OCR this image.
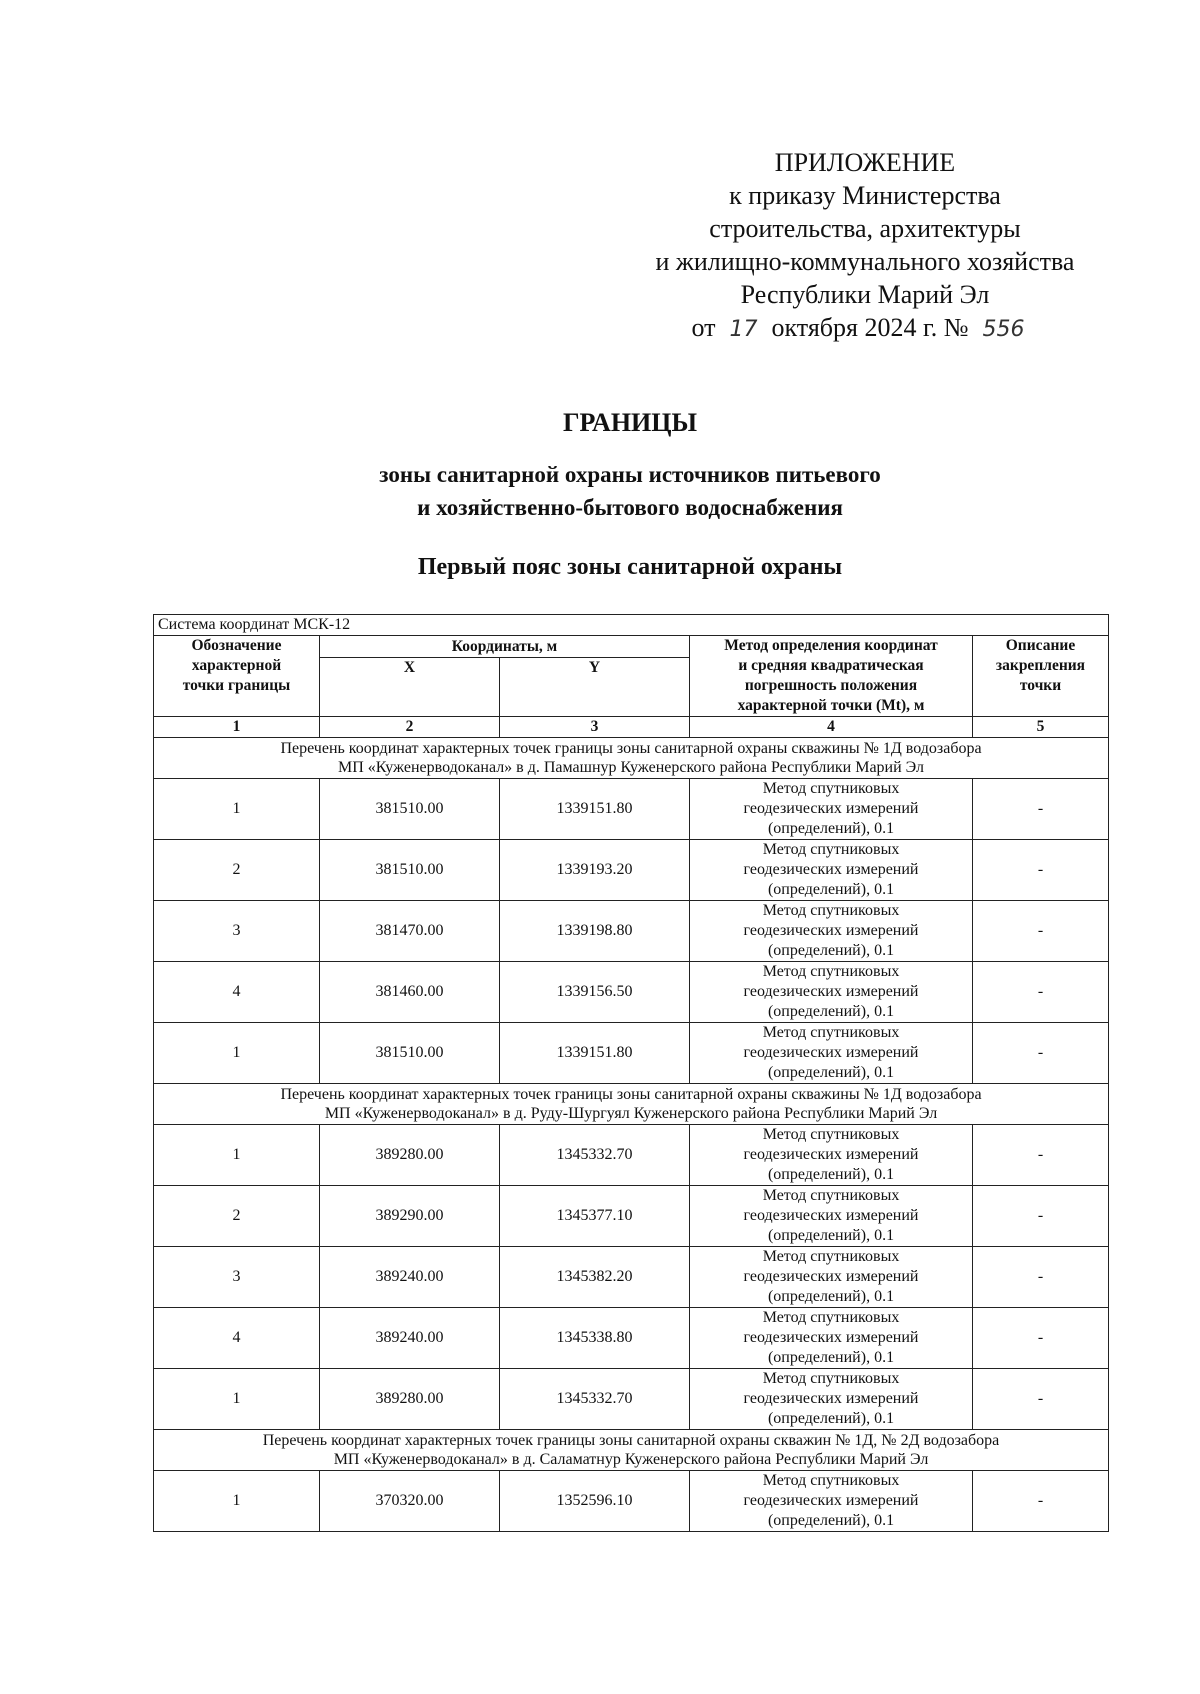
ПРИЛОЖЕНИЕ
к приказу Министерства
строительства, архитектуры
и жилищно-коммунального хозяйства
Республики Марий Эл
от 17 октября 2024 г. № 556
ГРАНИЦЫ
зоны санитарной охраны источников питьевого
и хозяйственно-бытового водоснабжения
Первый пояс зоны санитарной охраны
Система координат МСК-12				

Обозначение
характерной
точки границы	Координаты, м		Метод определения координат
и средняя квадратическая
погрешность положения
характерной точки (Mt), м	Описание
закрепления
точки

	X	Y		
1	2	3	4	5

Перечень координат характерных точек границы зоны санитарной охраны скважины № 1Д водозабора
МП «Куженерводоканал» в д. Памашнур Куженерского района Республики Марий Эл				

1	381510.00	1339151.80	Метод спутниковых
геодезических измерений
(определений), 0.1	-
2	381510.00	1339193.20	Метод спутниковых
геодезических измерений
(определений), 0.1	-
3	381470.00	1339198.80	Метод спутниковых
геодезических измерений
(определений), 0.1	-
4	381460.00	1339156.50	Метод спутниковых
геодезических измерений
(определений), 0.1	-
1	381510.00	1339151.80	Метод спутниковых
геодезических измерений
(определений), 0.1	-

Перечень координат характерных точек границы зоны санитарной охраны скважины № 1Д водозабора
МП «Куженерводоканал» в д. Руду-Шургуял Куженерского района Республики Марий Эл				

1	389280.00	1345332.70	Метод спутниковых
геодезических измерений
(определений), 0.1	-
2	389290.00	1345377.10	Метод спутниковых
геодезических измерений
(определений), 0.1	-
3	389240.00	1345382.20	Метод спутниковых
геодезических измерений
(определений), 0.1	-
4	389240.00	1345338.80	Метод спутниковых
геодезических измерений
(определений), 0.1	-
1	389280.00	1345332.70	Метод спутниковых
геодезических измерений
(определений), 0.1	-

Перечень координат характерных точек границы зоны санитарной охраны скважин № 1Д, № 2Д водозабора
МП «Куженерводоканал» в д. Саламатнур Куженерского района Республики Марий Эл				

1	370320.00	1352596.10	Метод спутниковых
геодезических измерений
(определений), 0.1	-
